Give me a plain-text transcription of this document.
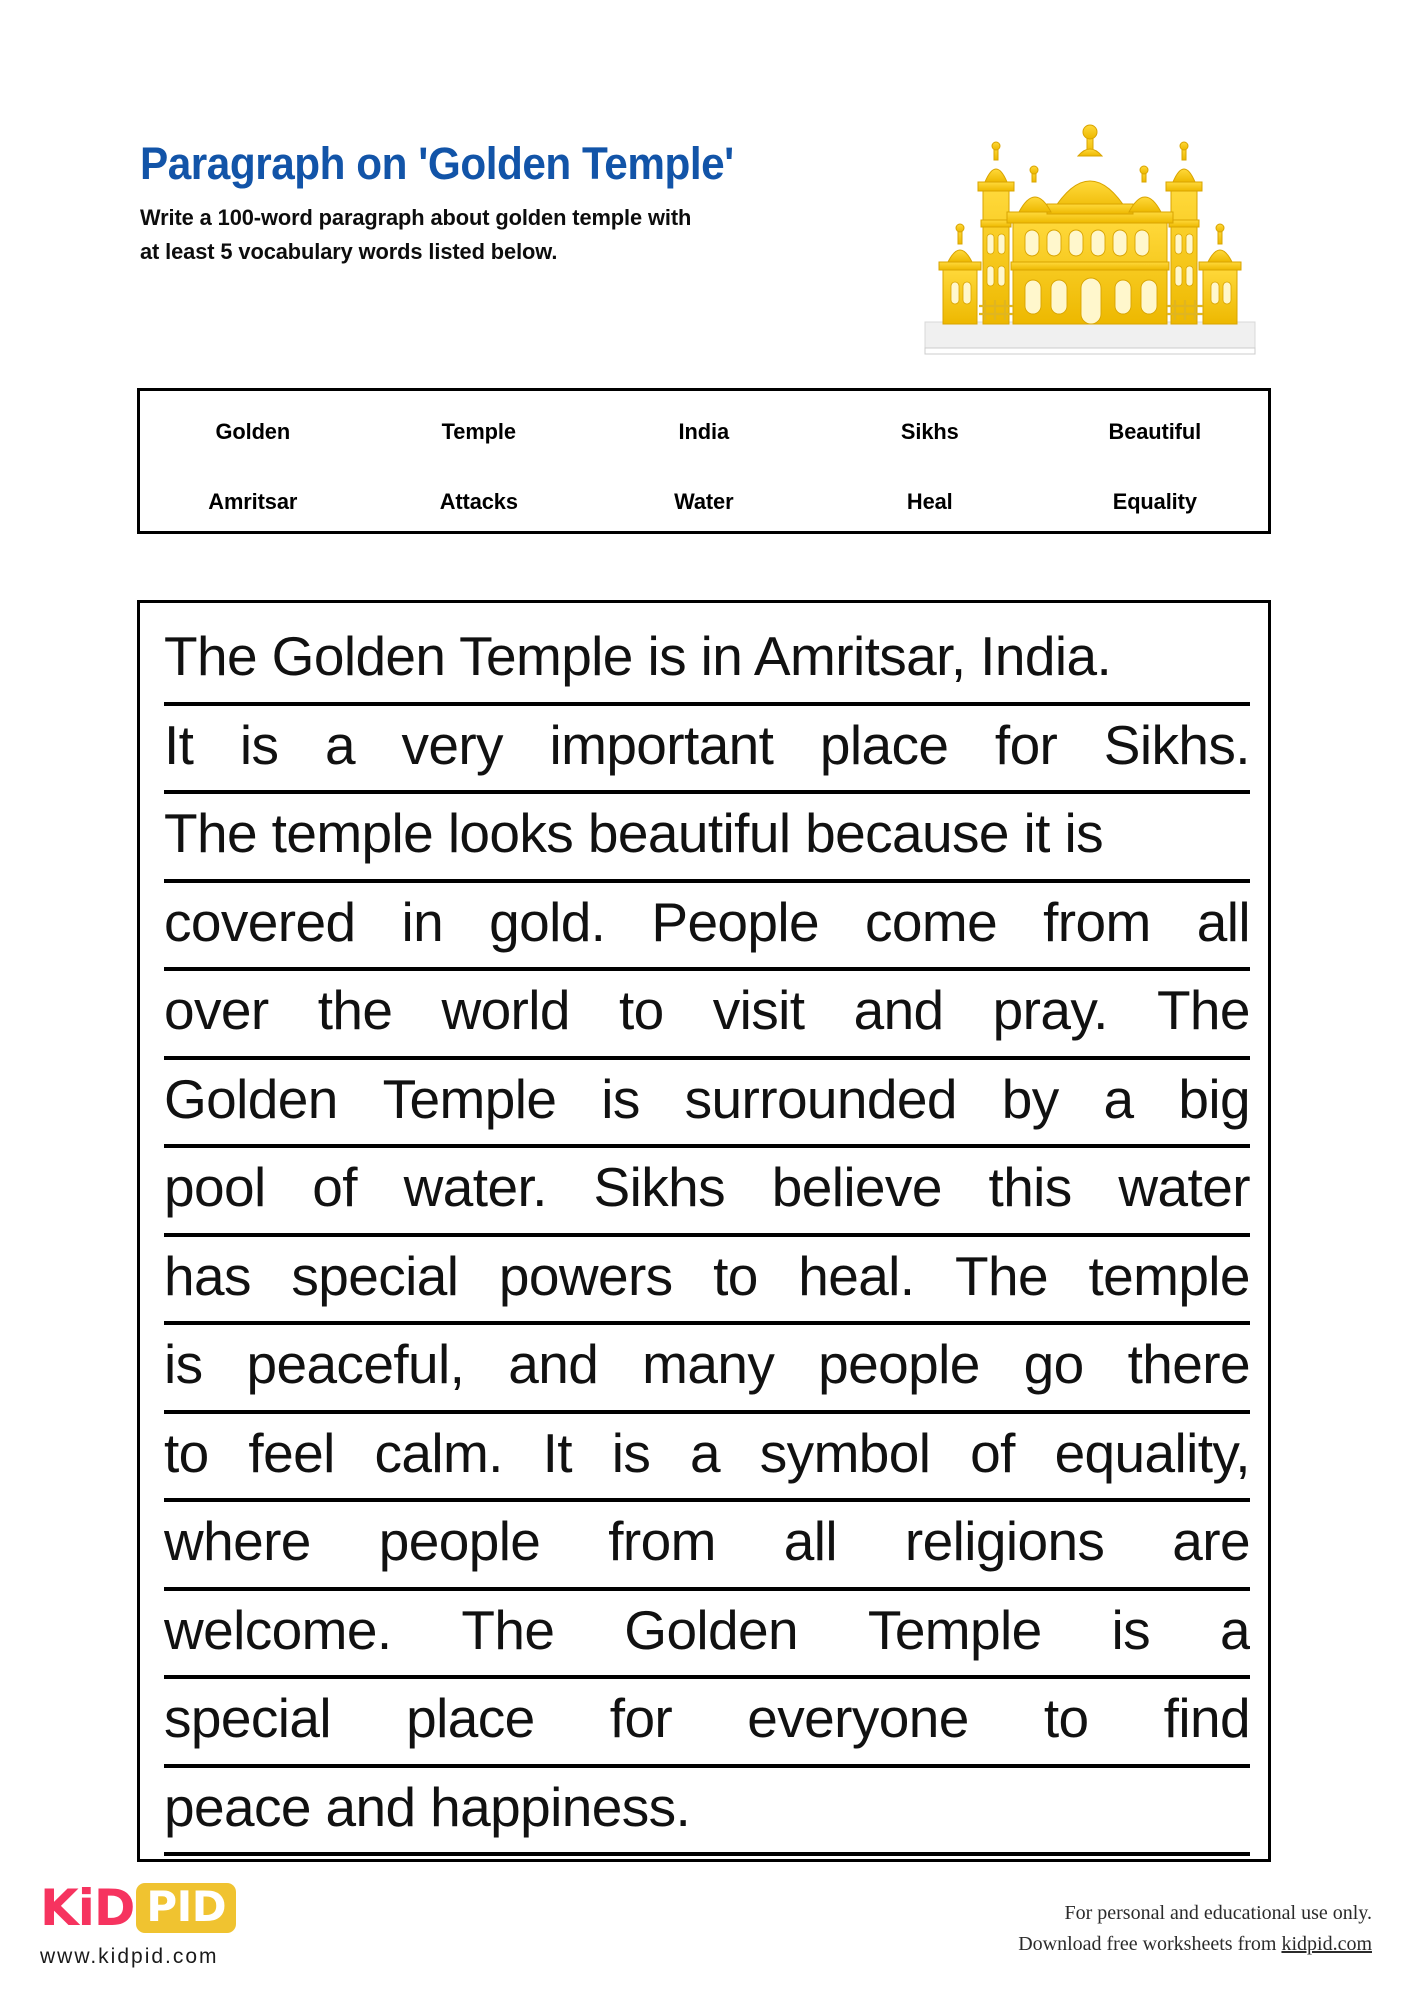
Paragraph on 'Golden Temple'
Write a 100-word paragraph about golden temple with
at least 5 vocabulary words listed below.
Golden	Temple	India	Sikhs	Beautiful
Amritsar	Attacks	Water	Heal	Equality
The Golden Temple is in Amritsar, India.
It is a very important place for Sikhs.
The temple looks beautiful because it is
covered in gold. People come from all
over the world to visit and pray. The
Golden Temple is surrounded by a big
pool of water. Sikhs believe this water
has special powers to heal. The temple
is peaceful, and many people go there
to feel calm. It is a symbol of equality,
where people from all religions are
welcome. The Golden Temple is a
special place for everyone to find
peace and happiness.
KiD PID
www.kidpid.com
For personal and educational use only.
Download free worksheets from kidpid.com
